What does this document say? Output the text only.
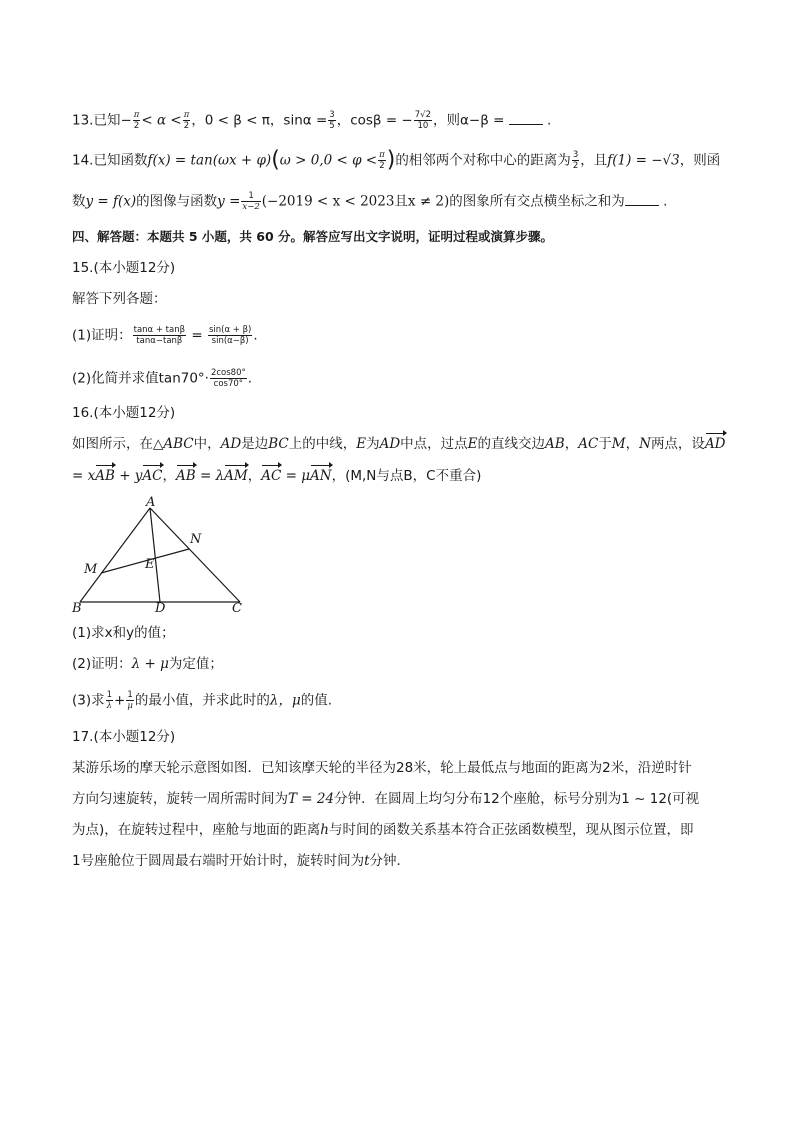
13.已知− $\frac{\pi}{2} < \alpha < \frac{\pi}{2}$ ，0 < β < π，$\sin\alpha = \frac{3}{5}$ ，cosβ = − $\frac{7√2}{10}$ ，则α−β =	.
14.已知函数$f(x) = \tan(\omega x + \varphi)(\omega > 0,0 < \varphi < \frac{\pi}{2}$ )的相邻两个对称中心的距离为 $\frac{3}{2}$ ，且f(1) = −√3，则函
数y = f(x)的图像与函数$y = \frac{1}{x-2} (-2019 < x < 2023$且x ≠ 2)的图象所有交点横坐标之和为	.
四、解答题：本题共 5 小题，共 60 分。解答应写出文字说明，证明过程或演算步骤。
15.(本小题12分)
解答下列各题：
(1)证明： $\frac{\tan\alpha + \tan\beta}{\tan\alpha-\tan\beta} = \frac{\sin(\alpha + \beta)}{\sin(\alpha-\beta)}$ .
(2)化简并求值$\tan 70^\circ\cdot \frac{2\cos 80^\circ}{\cos 70^\circ}$ .
16.(本小题12分)
如图所示，在△ABC中，AD是边BC上的中线，E为AD中点，过点E的直线交边AB，AC于M，N两点，设AD
= xAB + yAC，AB = λAM，AC = μAN，(M,N与点B，C不重合)
A
B	C
D
E
M
N
(1)求x和y的值；
(2)证明：λ + μ为定值；
(3)求 $\frac{1}{\lambda} + \frac{1}{\mu}$ 的最小值，并求此时的λ，μ的值.
17.(本小题12分)
某游乐场的摩天轮示意图如图．已知该摩天轮的半径为28米，轮上最低点与地面的距离为2米，沿逆时针
方向匀速旋转，旋转一周所需时间为T = 24分钟．在圆周上均匀分布12个座舱，标号分别为1 ~ 12(可视
为点)，在旋转过程中，座舱与地面的距离h与时间的函数关系基本符合正弦函数模型，现从图示位置，即
1号座舱位于圆周最右端时开始计时，旋转时间为t分钟．
